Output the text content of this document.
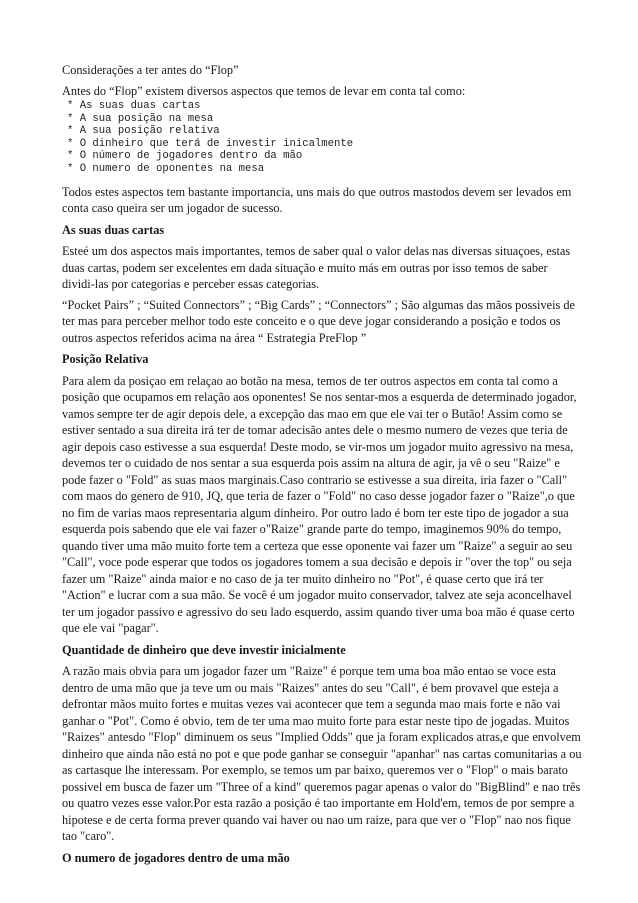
Considerações a ter antes do “Flop”

Antes do “Flop” existem diversos aspectos que temos de levar em conta tal como:

* As suas duas cartas
* A sua posição na mesa
* A sua posição relativa
* O dinheiro que terá de investir inicalmente
* O número de jogadores dentro da mão
* O numero de oponentes na mesa

Todos estes aspectos tem bastante importancia, uns mais do que outros mastodos devem ser levados em conta caso queira ser um jogador de sucesso.

As suas duas cartas

Esteé um dos aspectos mais importantes, temos de saber qual o valor delas nas diversas situaçoes, estas duas cartas, podem ser excelentes em dada situação e muito más em outras por isso temos de saber dividi-las por categorias e perceber essas categorias.

“Pocket Pairs” ; “Suited Connectors” ; “Big Cards” ; “Connectors” ; São algumas das mãos possiveis de ter mas para perceber melhor todo este conceito e o que deve jogar considerando a posição e todos os outros aspectos referidos acima na área “ Estrategia PreFlop ”

Posição Relativa

Para alem da posiçao em relaçao ao botão na mesa, temos de ter outros aspectos em conta tal como a posição que ocupamos em relação aos oponentes! Se nos sentar-mos a esquerda de determinado jogador, vamos sempre ter de agir depois dele, a excepção das mao em que ele vai ter o Butão! Assim como se estiver sentado a sua direita irá ter de tomar adecisão antes dele o mesmo numero de vezes que teria de agir depois caso estivesse a sua esquerda! Deste modo, se vir-mos um jogador muito agressivo na mesa, devemos ter o cuidado de nos sentar a sua esquerda pois assim na altura de agir, ja vê o seu "Raize" e pode fazer o "Fold" as suas maos marginais.Caso contrario se estivesse a sua direita, iria fazer o "Call" com maos do genero de 910, JQ, que teria de fazer o "Fold" no caso desse jogador fazer o "Raize",o que no fim de varias maos representaria algum dinheiro. Por outro lado é bom ter este tipo de jogador a sua esquerda pois sabendo que ele vai fazer o"Raize" grande parte do tempo, imaginemos 90% do tempo, quando tiver uma mão muito forte tem a certeza que esse oponente vai fazer um "Raize" a seguir ao seu "Call", voce pode esperar que todos os jogadores tomem a sua decisão e depois ir "over the top" ou seja fazer um "Raize" ainda maior e no caso de ja ter muito dinheiro no "Pot", é quase certo que irá ter "Action" e lucrar com a sua mão. Se você é um jogador muito conservador, talvez ate seja aconcelhavel ter um jogador passivo e agressivo do seu lado esquerdo, assim quando tiver uma boa mão é quase certo que ele vai "pagar".

Quantidade de dinheiro que deve investir inicialmente

A razão mais obvia para um jogador fazer um "Raize" é porque tem uma boa mão entao se voce esta dentro de uma mão que ja teve um ou mais "Raizes" antes do seu "Call", é bem provavel que esteja a defrontar mãos muito fortes e muitas vezes vai acontecer que tem a segunda mao mais forte e não vai ganhar o "Pot". Como é obvio, tem de ter uma mao muito forte para estar neste tipo de jogadas. Muitos "Raizes" antesdo "Flop" diminuem os seus "Implied Odds" que ja foram explicados atras,e que envolvem dinheiro que ainda não está no pot e que pode ganhar se conseguir "apanhar" nas cartas comunitarias a ou as cartasque lhe interessam. Por exemplo, se temos um par baixo, queremos ver o "Flop" o mais barato possivel em busca de fazer um "Three of a kind" queremos pagar apenas o valor do "BigBlind" e nao três ou quatro vezes esse valor.Por esta razão a posição é tao importante em Hold'em, temos de por sempre a hipotese e de certa forma prever quando vai haver ou nao um raize, para que ver o "Flop" nao nos fique tao "caro".

O numero de jogadores dentro de uma mão
